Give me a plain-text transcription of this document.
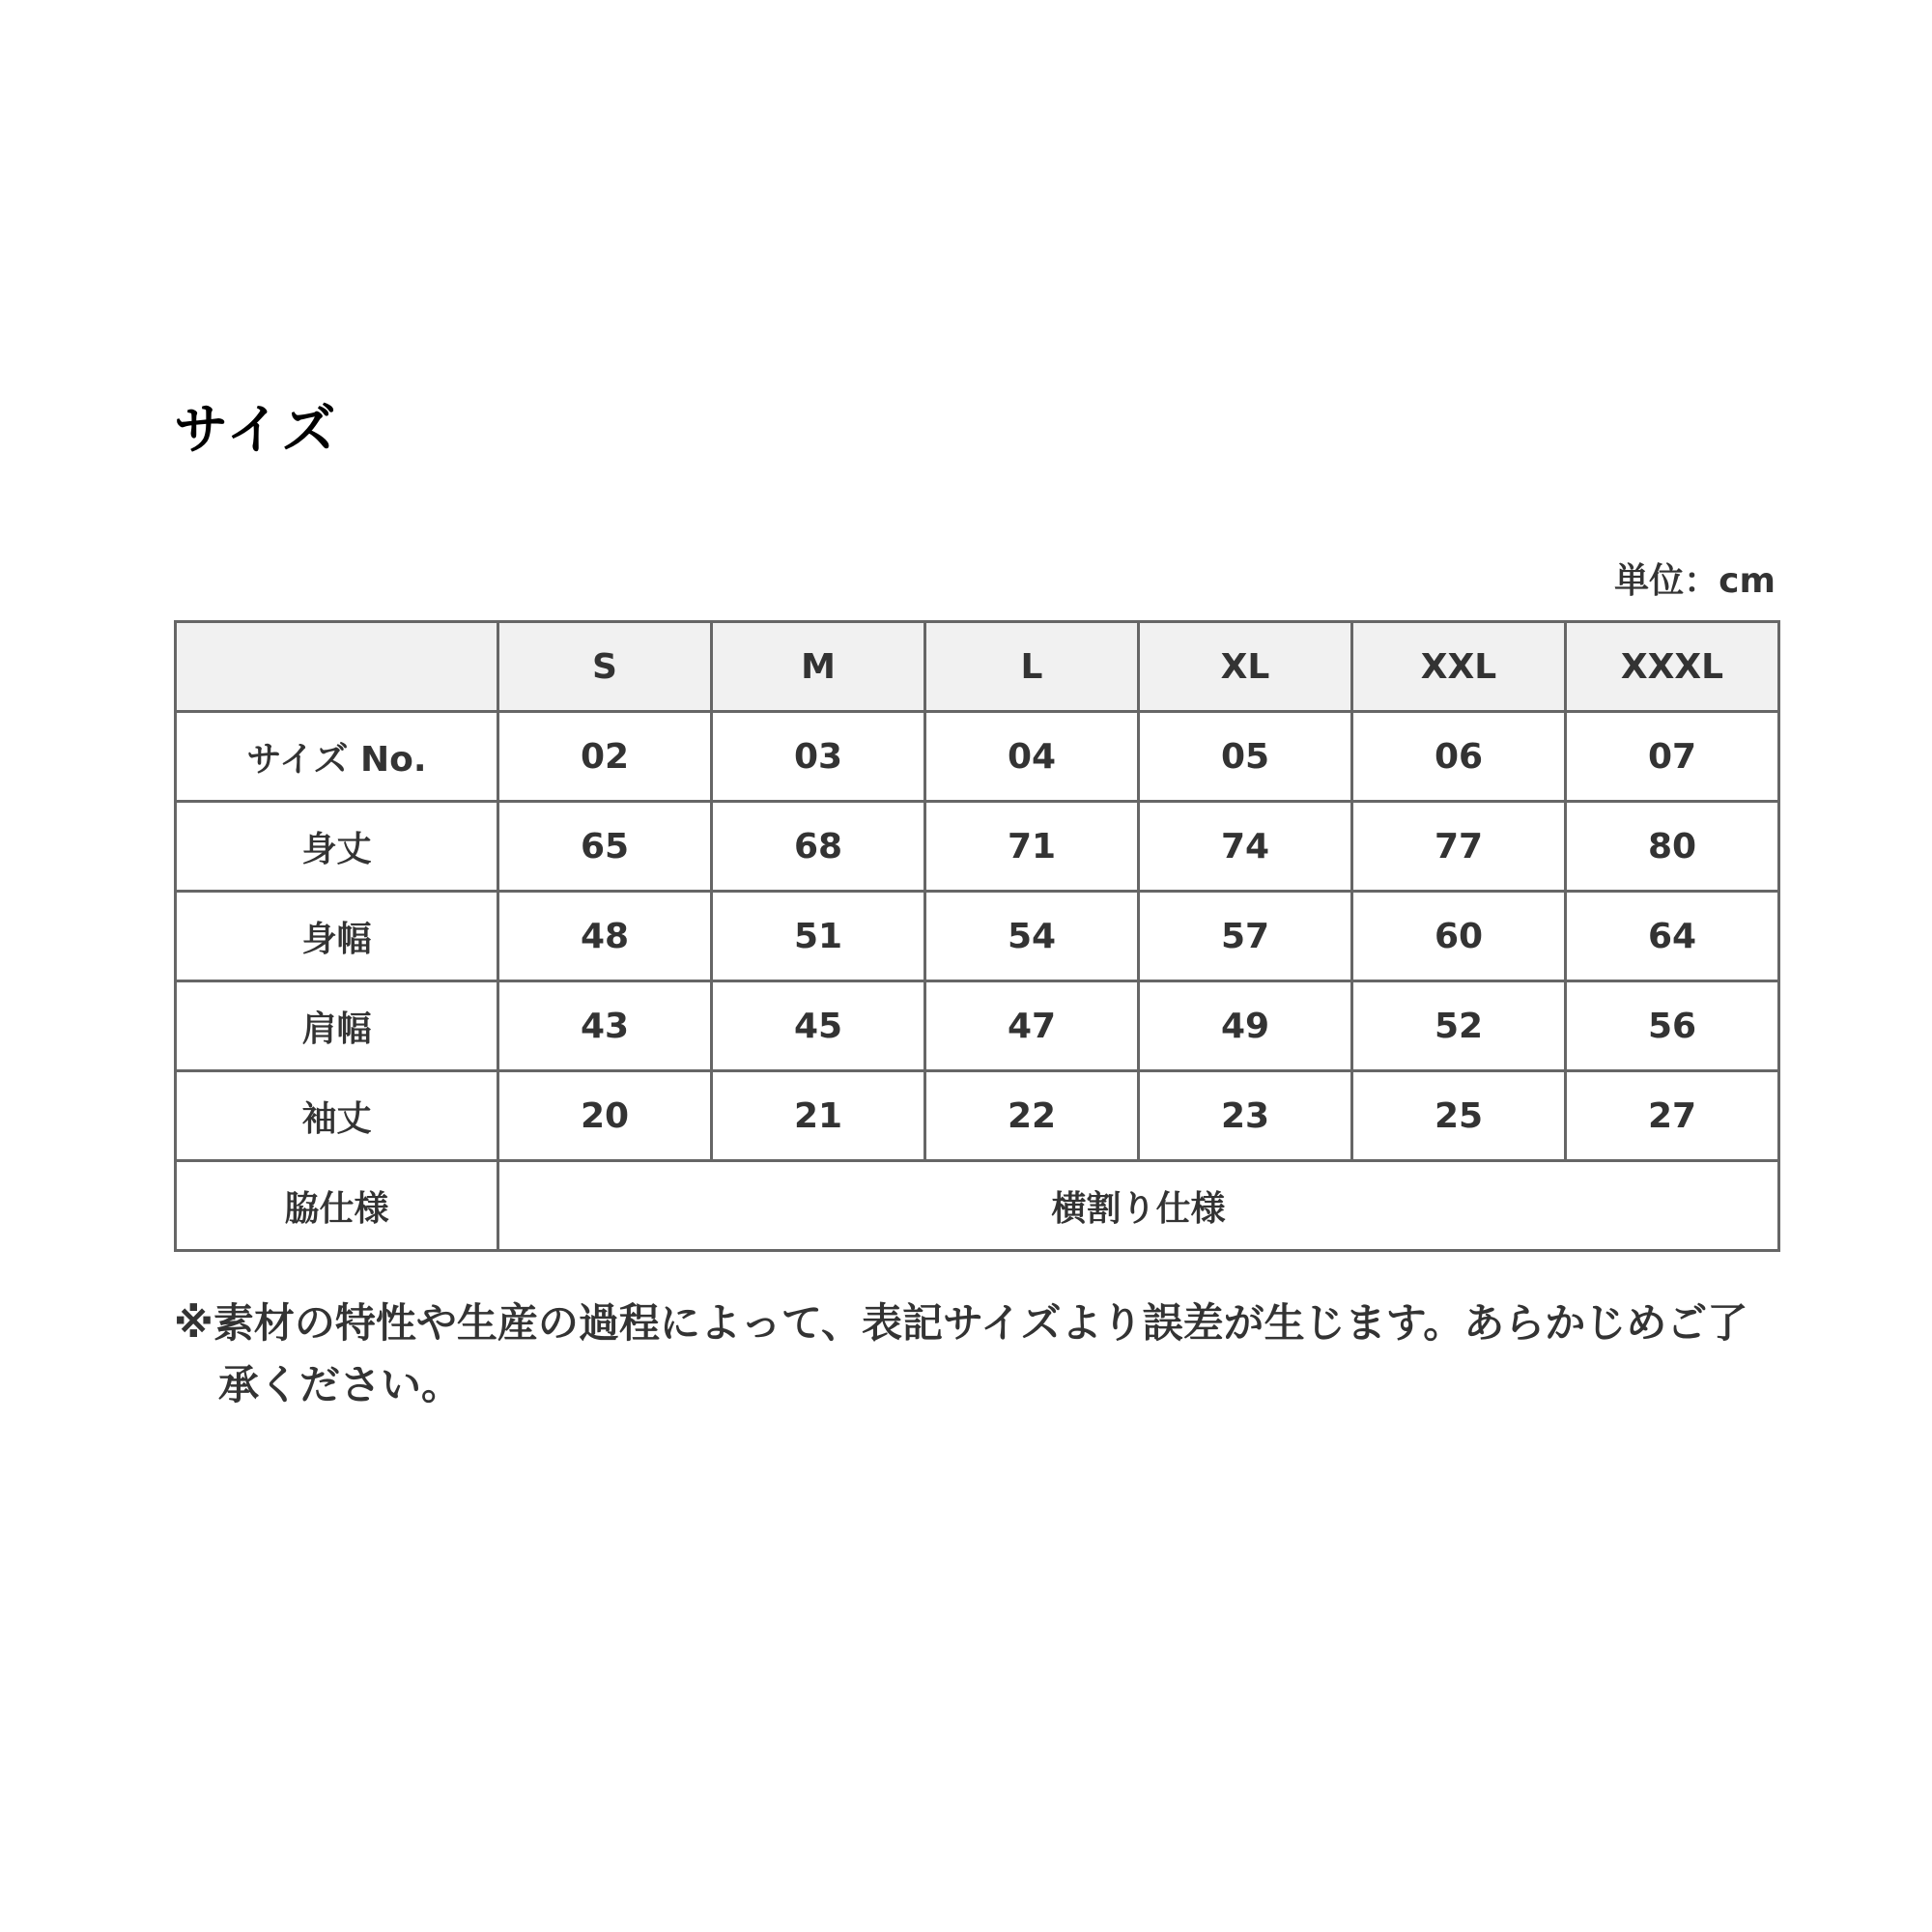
サイズ
単位：cm
	S	M	L	XL	XXL	XXXL
サイズ No.	02	03	04	05	06	07
身丈	65	68	71	74	77	80
身幅	48	51	54	57	60	64
肩幅	43	45	47	49	52	56
袖丈	20	21	22	23	25	27
脇仕様	横割り仕様					
※素材の特性や生産の過程によって、表記サイズより誤差が生じます。あらかじめご了承ください。
